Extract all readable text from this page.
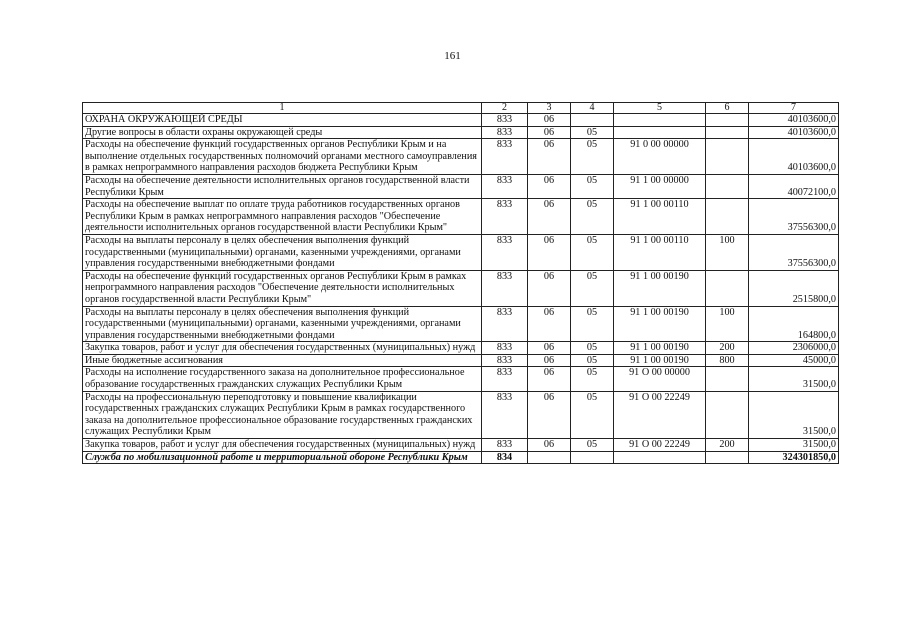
161
1	2	3	4	5	6	7
ОХРАНА ОКРУЖАЮЩЕЙ СРЕДЫ	833	06				40103600,0
Другие вопросы в области охраны окружающей среды	833	06	05			40103600,0
Расходы на обеспечение функций государственных органов Республики Крым и на выполнение отдельных государственных полномочий органами местного самоуправления в рамках непрограммного направления расходов бюджета Республики Крым	833	06	05	91 0 00 00000		40103600,0
Расходы на обеспечение деятельности исполнительных органов государственной власти Республики Крым	833	06	05	91 1 00 00000		40072100,0
Расходы на обеспечение выплат по оплате труда работников государственных органов Республики Крым в рамках непрограммного направления расходов "Обеспечение деятельности исполнительных органов государственной власти Республики Крым"	833	06	05	91 1 00 00110		37556300,0
Расходы на выплаты персоналу в целях обеспечения выполнения функций государственными (муниципальными) органами, казенными учреждениями, органами управления государственными внебюджетными фондами	833	06	05	91 1 00 00110	100	37556300,0
Расходы на обеспечение функций государственных органов Республики Крым в рамках непрограммного направления расходов "Обеспечение деятельности исполнительных органов государственной власти Республики Крым"	833	06	05	91 1 00 00190		2515800,0
Расходы на выплаты персоналу в целях обеспечения выполнения функций государственными (муниципальными) органами, казенными учреждениями, органами управления государственными внебюджетными фондами	833	06	05	91 1 00 00190	100	164800,0
Закупка товаров, работ и услуг для обеспечения государственных (муниципальных) нужд	833	06	05	91 1 00 00190	200	2306000,0
Иные бюджетные ассигнования	833	06	05	91 1 00 00190	800	45000,0
Расходы на исполнение государственного заказа на дополнительное профессиональное образование государственных гражданских служащих Республики Крым	833	06	05	91 О 00 00000		31500,0
Расходы на профессиональную переподготовку и повышение квалификации государственных гражданских служащих Республики Крым в рамках государственного заказа на дополнительное профессиональное образование государственных гражданских служащих Республики Крым	833	06	05	91 О 00 22249		31500,0
Закупка товаров, работ и услуг для обеспечения государственных (муниципальных) нужд	833	06	05	91 О 00 22249	200	31500,0
Служба по мобилизационной работе и территориальной обороне Республики Крым	834					324301850,0
